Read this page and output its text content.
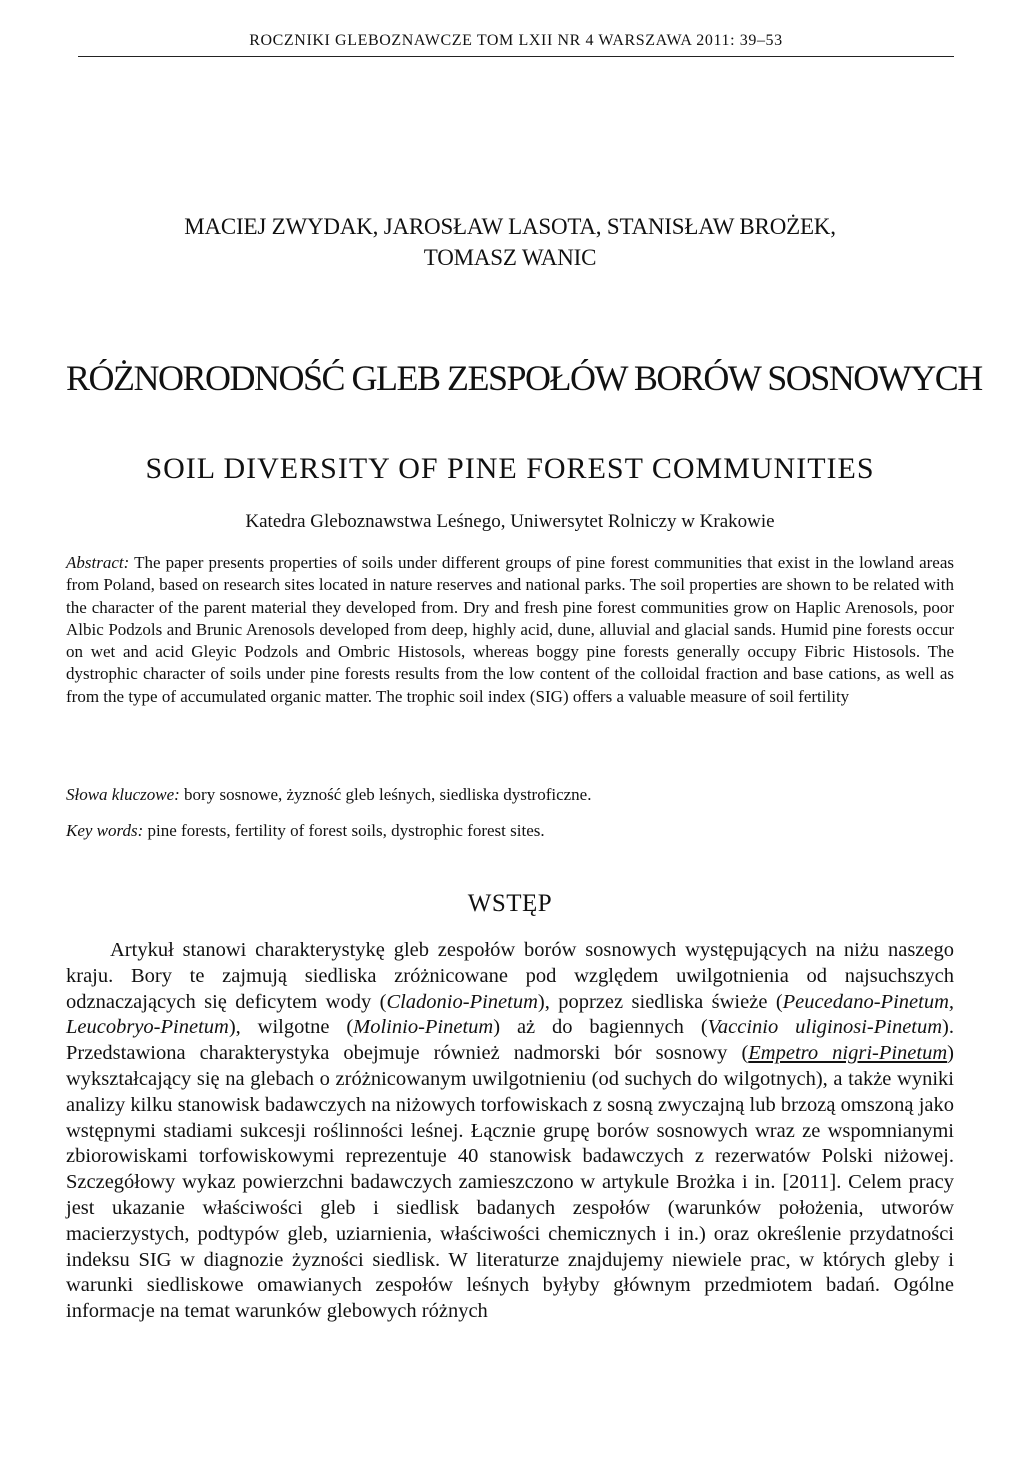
ROCZNIKI GLEBOZNAWCZE TOM LXII NR 4 WARSZAWA 2011: 39–53
MACIEJ ZWYDAK, JAROSŁAW LASOTA, STANISŁAW BROŻEK,
TOMASZ WANIC
RÓŻNORODNOŚĆ GLEB ZESPOŁÓW BORÓW SOSNOWYCH
SOIL DIVERSITY OF PINE FOREST COMMUNITIES
Katedra Gleboznawstwa Leśnego, Uniwersytet Rolniczy w Krakowie

Abstract: The paper presents properties of soils under different groups of pine forest communities that exist in the lowland areas from Poland, based on research sites located in nature reserves and national parks. The soil properties are shown to be related with the character of the parent material they developed from. Dry and fresh pine forest communities grow on Haplic Arenosols, poor Albic Podzols and Brunic Arenosols developed from deep, highly acid, dune, alluvial and glacial sands. Humid pine forests occur on wet and acid Gleyic Podzols and Ombric Histosols, whereas boggy pine forests generally occupy Fibric Histosols. The dystrophic character of soils under pine forests results from the low content of the colloidal fraction and base cations, as well as from the type of accumulated organic matter. The trophic soil index (SIG) offers a valuable measure of soil fertility

Słowa kluczowe: bory sosnowe, żyzność gleb leśnych, siedliska dystroficzne.

Key words: pine forests, fertility of forest soils, dystrophic forest sites.

WSTĘP

Artykuł stanowi charakterystykę gleb zespołów borów sosnowych występujących na niżu naszego kraju. Bory te zajmują siedliska zróżnicowane pod względem uwilgotnienia od najsuchszych odznaczających się deficytem wody (Cladonio-Pinetum), poprzez siedliska świeże (Peucedano-Pinetum, Leucobryo-Pinetum), wilgotne (Molinio-Pinetum) aż do bagiennych (Vaccinio uliginosi-Pinetum). Przedstawiona charakterystyka obejmuje również nadmorski bór sosnowy (Empetro nigri-Pinetum) wykształcający się na glebach o zróżnicowanym uwilgotnieniu (od suchych do wilgotnych), a także wyniki analizy kilku stanowisk badawczych na niżowych torfowiskach z sosną zwyczajną lub brzozą omszoną jako wstępnymi stadiami sukcesji roślinności leśnej. Łącznie grupę borów sosnowych wraz ze wspomnianymi zbiorowiskami torfowiskowymi reprezentuje 40 stanowisk badawczych z rezerwatów Polski niżowej. Szczegółowy wykaz powierzchni badawczych zamieszczono w artykule Brożka i in. [2011]. Celem pracy jest ukazanie właściwości gleb i siedlisk badanych zespołów (warunków położenia, utworów macierzystych, podtypów gleb, uziarnienia, właściwości chemicznych i in.) oraz określenie przydatności indeksu SIG w diagnozie żyzności siedlisk. W literaturze znajdujemy niewiele prac, w których gleby i warunki siedliskowe omawianych zespołów leśnych byłyby głównym przedmiotem badań. Ogólne informacje na temat warunków glebowych różnych
